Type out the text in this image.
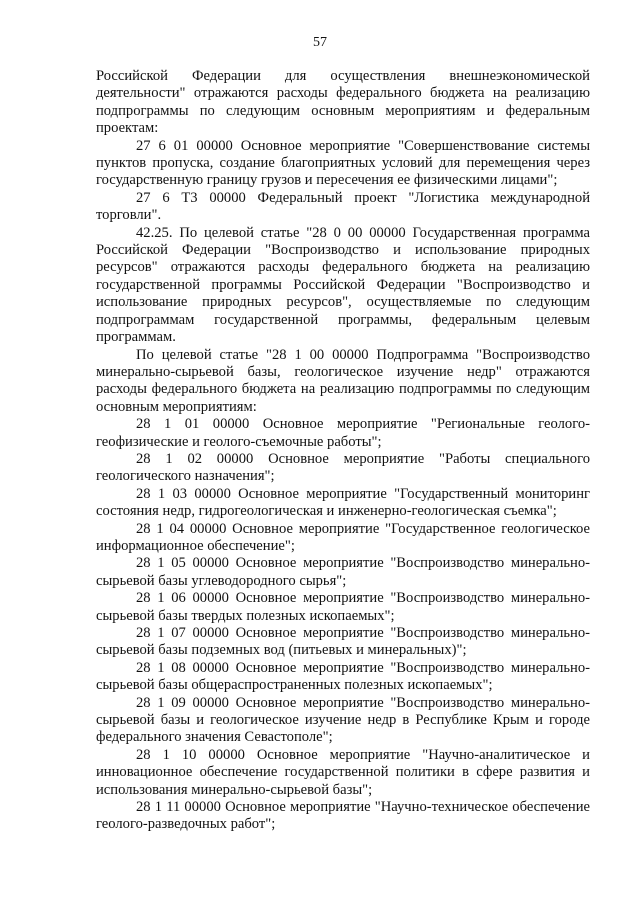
57

Российской Федерации для осуществления внешнеэкономической деятельности" отражаются расходы федерального бюджета на реализацию подпрограммы по следующим основным мероприятиям и федеральным проектам:

27 6 01 00000 Основное мероприятие "Совершенствование системы пунктов пропуска, создание благоприятных условий для перемещения через государственную границу грузов и пересечения ее физическими лицами";

27 6 Т3 00000 Федеральный проект "Логистика международной торговли".

42.25. По целевой статье "28 0 00 00000 Государственная программа Российской Федерации "Воспроизводство и использование природных ресурсов" отражаются расходы федерального бюджета на реализацию государственной программы Российской Федерации "Воспроизводство и использование природных ресурсов", осуществляемые по следующим подпрограммам государственной программы, федеральным целевым программам.

По целевой статье "28 1 00 00000 Подпрограмма "Воспроизводство минерально-сырьевой базы, геологическое изучение недр" отражаются расходы федерального бюджета на реализацию подпрограммы по следующим основным мероприятиям:

28 1 01 00000 Основное мероприятие "Региональные геолого-геофизические и геолого-съемочные работы";

28 1 02 00000 Основное мероприятие "Работы специального геологического назначения";

28 1 03 00000 Основное мероприятие "Государственный мониторинг состояния недр, гидрогеологическая и инженерно-геологическая съемка";

28 1 04 00000 Основное мероприятие "Государственное геологическое информационное обеспечение";

28 1 05 00000 Основное мероприятие "Воспроизводство минерально-сырьевой базы углеводородного сырья";

28 1 06 00000 Основное мероприятие "Воспроизводство минерально-сырьевой базы твердых полезных ископаемых";

28 1 07 00000 Основное мероприятие "Воспроизводство минерально-сырьевой базы подземных вод (питьевых и минеральных)";

28 1 08 00000 Основное мероприятие "Воспроизводство минерально-сырьевой базы общераспространенных полезных ископаемых";

28 1 09 00000 Основное мероприятие "Воспроизводство минерально-сырьевой базы и геологическое изучение недр в Республике Крым и городе федерального значения Севастополе";

28 1 10 00000 Основное мероприятие "Научно-аналитическое и инновационное обеспечение государственной политики в сфере развития и использования минерально-сырьевой базы";

28 1 11 00000 Основное мероприятие "Научно-техническое обеспечение геолого-разведочных работ";
